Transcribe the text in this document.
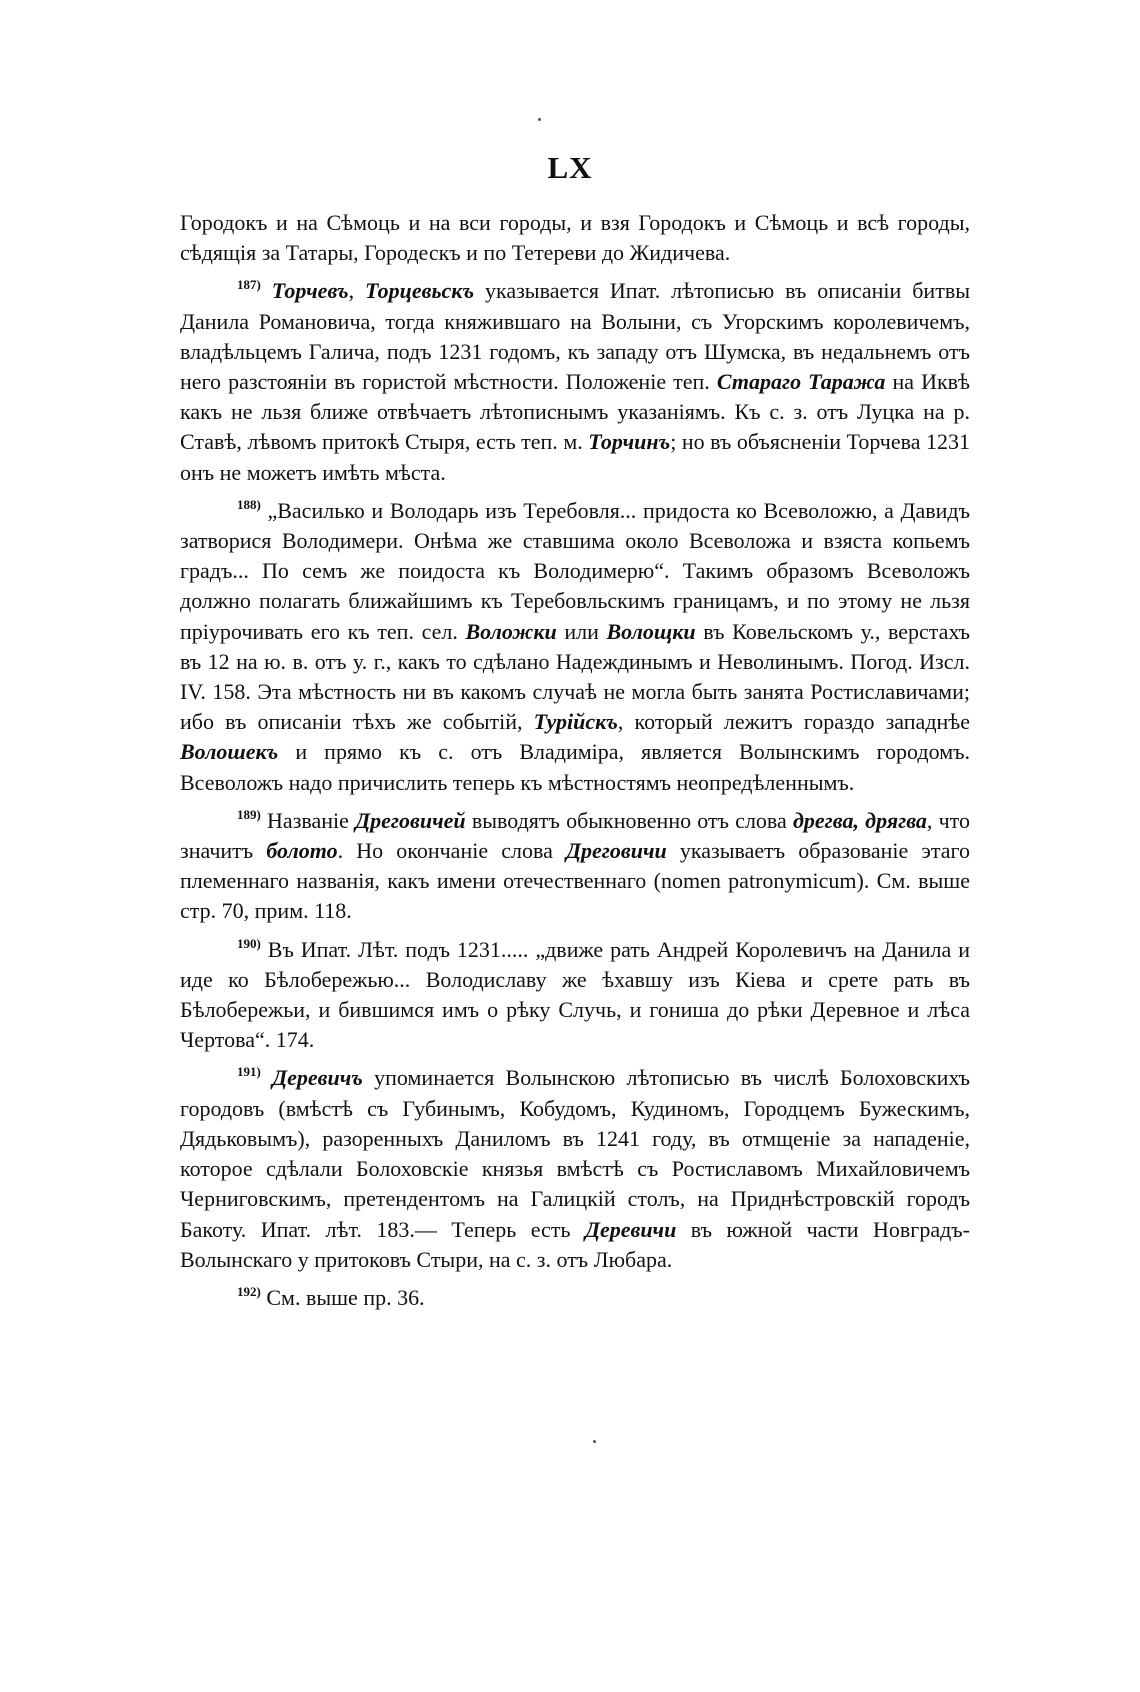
LX

Городокъ и на Сѣмоць и на вси городы, и взя Городокъ и Сѣмоць и всѣ городы, сѣдящія за Татары, Городескъ и по Тетереви до Жидичева.

$^{187)}$ Торчевъ, Торцевьскъ указывается Ипат. лѣтописью въ описаніи битвы Данила Романовича, тогда княжившаго на Волыни, съ Угорскимъ королевичемъ, владѣльцемъ Галича, подъ 1231 годомъ, къ западу отъ Шумска, въ недальнемъ отъ него разстояніи въ гористой мѣстности. Положеніе теп. Стараго Таража на Иквѣ какъ не льзя ближе отвѣчаетъ лѣтописнымъ указаніямъ. Къ с. з. отъ Луцка на р. Ставѣ, лѣвомъ притокѣ Стыря, есть теп. м. Торчинъ; но въ объясненіи Торчева 1231 онъ не можетъ имѣть мѣста.

$^{188)}$ „Василько и Володарь изъ Теребовля... придоста ко Всеволожю, а Давидъ затворися Володимери. Онѣма же ставшима около Всеволожа и взяста копьемъ градъ... По семъ же поидоста къ Володимерю“. Такимъ образомъ Всеволожъ должно полагать ближайшимъ къ Теребовльскимъ границамъ, и по этому не льзя пріурочивать его къ теп. сел. Воложки или Волощки въ Ковельскомъ у., верстахъ въ 12 на ю. в. отъ у. г., какъ то сдѣлано Надеждинымъ и Неволинымъ. Погод. Изсл. IV. 158. Эта мѣстность ни въ какомъ случаѣ не могла быть занята Ростиславичами; ибо въ описаніи тѣхъ же событій, Турійскъ, который лежитъ гораздо западнѣе Волошекъ и прямо къ с. отъ Владиміра, является Волынскимъ городомъ. Всеволожъ надо причислить теперь къ мѣстностямъ неопредѣленнымъ.

$^{189)}$ Названіе Дреговичей выводятъ обыкновенно отъ слова дрегва, дрягва, что значитъ болото. Но окончаніе слова Дреговичи указываетъ образованіе этаго племеннаго названія, какъ имени отечественнаго (nomen patronymicum). См. выше стр. 70, прим. 118.

$^{190)}$ Въ Ипат. Лѣт. подъ 1231..... „движе рать Андрей Королевичъ на Данила и иде ко Бѣлобережью... Володиславу же ѣхавшу изъ Кіева и срете рать въ Бѣлобережьи, и бившимся имъ о рѣку Случь, и гониша до рѣки Деревное и лѣса Чертова“. 174.

$^{191)}$ Деревичъ упоминается Волынскою лѣтописью въ числѣ Болоховскихъ городовъ (вмѣстѣ съ Губинымъ, Кобудомъ, Кудиномъ, Городцемъ Бужескимъ, Дядьковымъ), разоренныхъ Даниломъ въ 1241 году, въ отмщеніе за нападеніе, которое сдѣлали Болоховскіе князья вмѣстѣ съ Ростиславомъ Михайловичемъ Черниговскимъ, претендентомъ на Галицкій столъ, на Приднѣстровскій городъ Бакоту. Ипат. лѣт. 183.— Теперь есть Деревичи въ южной части Новградъ-Волынскаго у притоковъ Стыри, на с. з. отъ Любара.

$^{192)}$ См. выше пр. 36.
